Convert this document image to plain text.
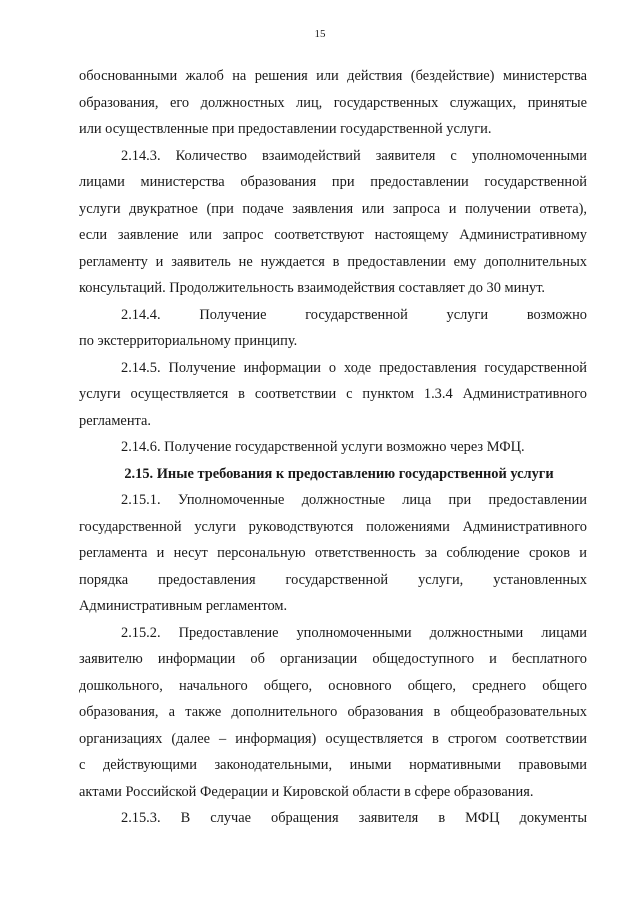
15
обоснованными жалоб на решения или действия (бездействие) министерства
образования, его должностных лиц, государственных служащих, принятые
или осуществленные при предоставлении государственной услуги.
2.14.3. Количество взаимодействий заявителя с уполномоченными
лицами министерства образования при предоставлении государственной
услуги двукратное (при подаче заявления или запроса и получении ответа),
если заявление или запрос соответствуют настоящему Административному
регламенту и заявитель не нуждается в предоставлении ему дополнительных
консультаций. Продолжительность взаимодействия составляет до 30 минут.
2.14.4. Получение государственной услуги возможно
по экстерриториальному принципу.
2.14.5. Получение информации о ходе предоставления государственной
услуги осуществляется в соответствии с пунктом 1.3.4 Административного
регламента.
2.14.6. Получение государственной услуги возможно через МФЦ.
2.15. Иные требования к предоставлению государственной услуги
2.15.1. Уполномоченные должностные лица при предоставлении
государственной услуги руководствуются положениями Административного
регламента и несут персональную ответственность за соблюдение сроков и
порядка предоставления государственной услуги, установленных
Административным регламентом.
2.15.2. Предоставление уполномоченными должностными лицами
заявителю информации об организации общедоступного и бесплатного
дошкольного, начального общего, основного общего, среднего общего
образования, а также дополнительного образования в общеобразовательных
организациях (далее – информация) осуществляется в строгом соответствии
с действующими законодательными, иными нормативными правовыми
актами Российской Федерации и Кировской области в сфере образования.
2.15.3. В случае обращения заявителя в МФЦ документы
